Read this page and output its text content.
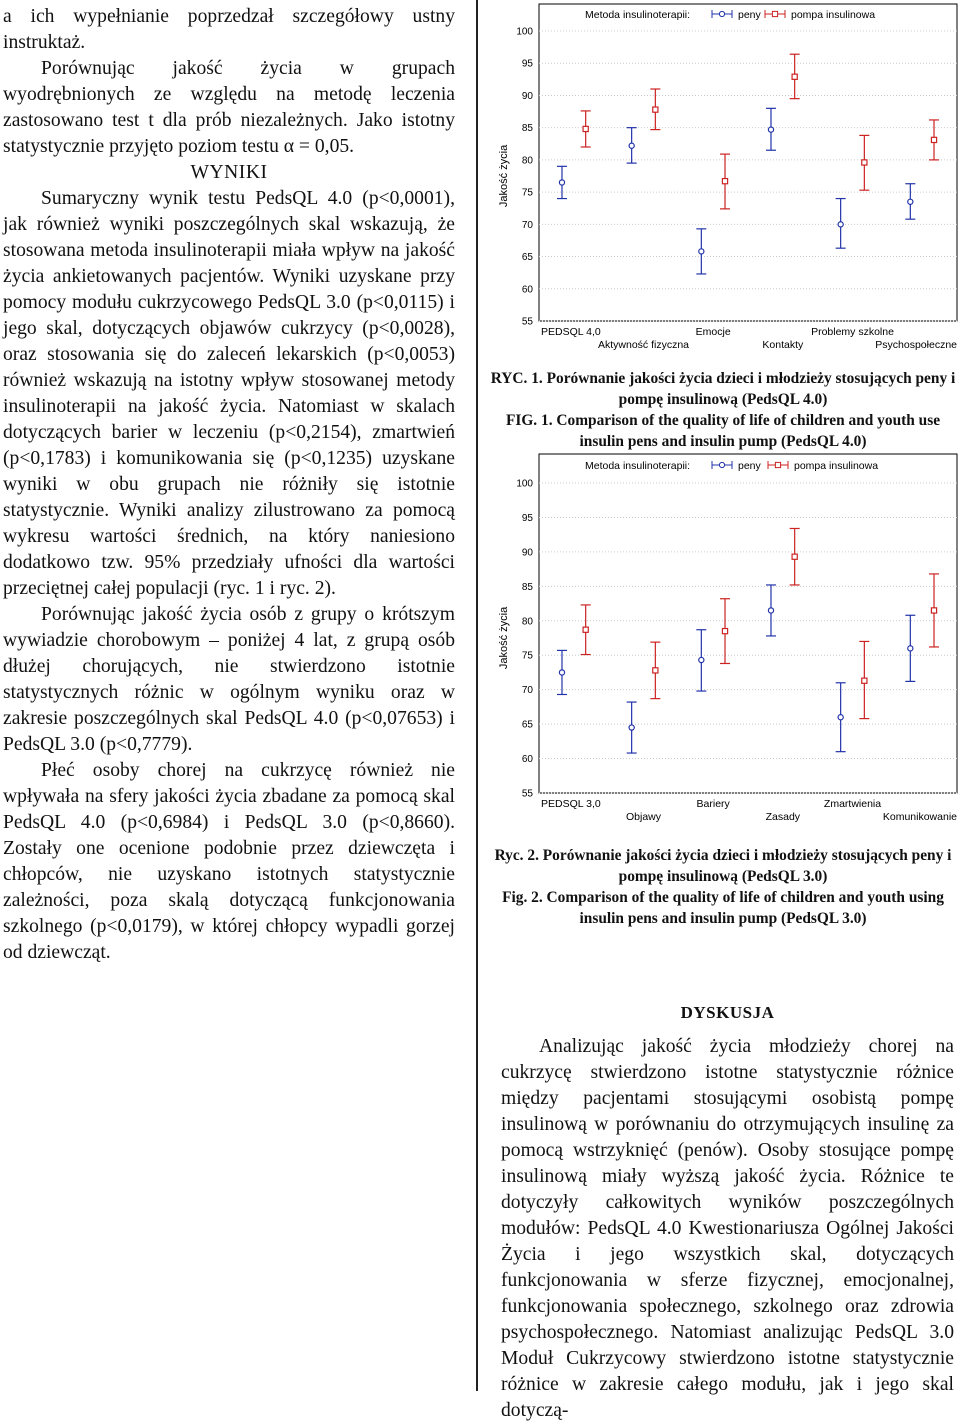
a ich wypełnianie poprzedzał szczegółowy ustny instruktaż.

Porównując jakość życia w grupach wyodrębnionych ze względu na metodę leczenia zastosowano test t dla prób niezależnych. Jako istotny statystycznie przyjęto poziom testu α = 0,05.

WYNIKI

Sumaryczny wynik testu PedsQL 4.0 (p<0,0001), jak również wyniki poszczególnych skal wskazują, że stosowana metoda insulinoterapii miała wpływ na jakość życia ankietowanych pacjentów. Wyniki uzyskane przy pomocy modułu cukrzycowego PedsQL 3.0 (p<0,0115) i jego skal, dotyczących objawów cukrzycy (p<0,0028), oraz stosowania się do zaleceń lekarskich (p<0,0053) również wskazują na istotny wpływ stosowanej metody insulinoterapii na jakość życia. Natomiast w skalach dotyczących barier w leczeniu (p<0,2154), zmartwień (p<0,1783) i komunikowania się (p<0,1235) uzyskane wyniki w obu grupach nie różniły się istotnie statystycznie. Wyniki analizy zilustrowano za pomocą wykresu wartości średnich, na który naniesiono dodatkowo tzw. 95% przedziały ufności dla wartości przeciętnej całej populacji (ryc. 1 i ryc. 2).

Porównując jakość życia osób z grupy o krótszym wywiadzie chorobowym – poniżej 4 lat, z grupą osób dłużej chorujących, nie stwierdzono istotnie statystycznych różnic w ogólnym wyniku oraz w zakresie poszczególnych skal PedsQL 4.0 (p<0,07653) i PedsQL 3.0 (p<0,7779).

Płeć osoby chorej na cukrzycę również nie wpływała na sfery jakości życia zbadane za pomocą skal PedsQL 4.0 (p<0,6984) i PedsQL 3.0 (p<0,8660). Zostały one ocenione podobnie przez dziewczęta i chłopców, nie uzyskano istotnych statystycznie zależności, poza skalą dotyczącą funkcjonowania szkolnego (p<0,0179), w której chłopcy wypadli gorzej od dziewcząt.

55
60
65
70
75
80
85
90
95
100
Jakość życia
Metoda insulinoterapii:	peny	pompa insulinowa
PEDSQL 4,0
Aktywność fizyczna
Emocje
Kontakty
Problemy szkolne
Psychospołeczne
RYC. 1. Porównanie jakości życia dzieci i młodzieży stosujących peny i pompę insulinową (PedsQL 4.0)
FIG. 1. Comparison of the quality of life of children and youth use insulin pens and insulin pump (PedsQL 4.0)
55
60
65
70
75
80
85
90
95
100
Jakość życia
Metoda insulinoterapii:	peny	pompa insulinowa
PEDSQL 3,0
Objawy
Bariery
Zasady
Zmartwienia
Komunikowanie
Ryc. 2. Porównanie jakości życia dzieci i młodzieży stosujących peny i pompę insulinową (PedsQL 3.0)
Fig. 2. Comparison of the quality of life of children and youth using insulin pens and insulin pump (PedsQL 3.0)

DYSKUSJA

Analizując jakość życia młodzieży chorej na cukrzycę stwierdzono istotne statystycznie różnice między pacjentami stosującymi osobistą pompę insulinową w porównaniu do otrzymujących insulinę za pomocą wstrzyknięć (penów). Osoby stosujące pompę insulinową miały wyższą jakość życia. Różnice te dotyczyły całkowitych wyników poszczególnych modułów: PedsQL 4.0 Kwestionariusza Ogólnej Jakości Życia i jego wszystkich skal, dotyczących funkcjonowania w sferze fizycznej, emocjonalnej, funkcjonowania społecznego, szkolnego oraz zdrowia psychospołecznego. Natomiast analizując PedsQL 3.0 Moduł Cukrzycowy stwierdzono istotne statystycznie różnice w zakresie całego modułu, jak i jego skal dotyczą-
